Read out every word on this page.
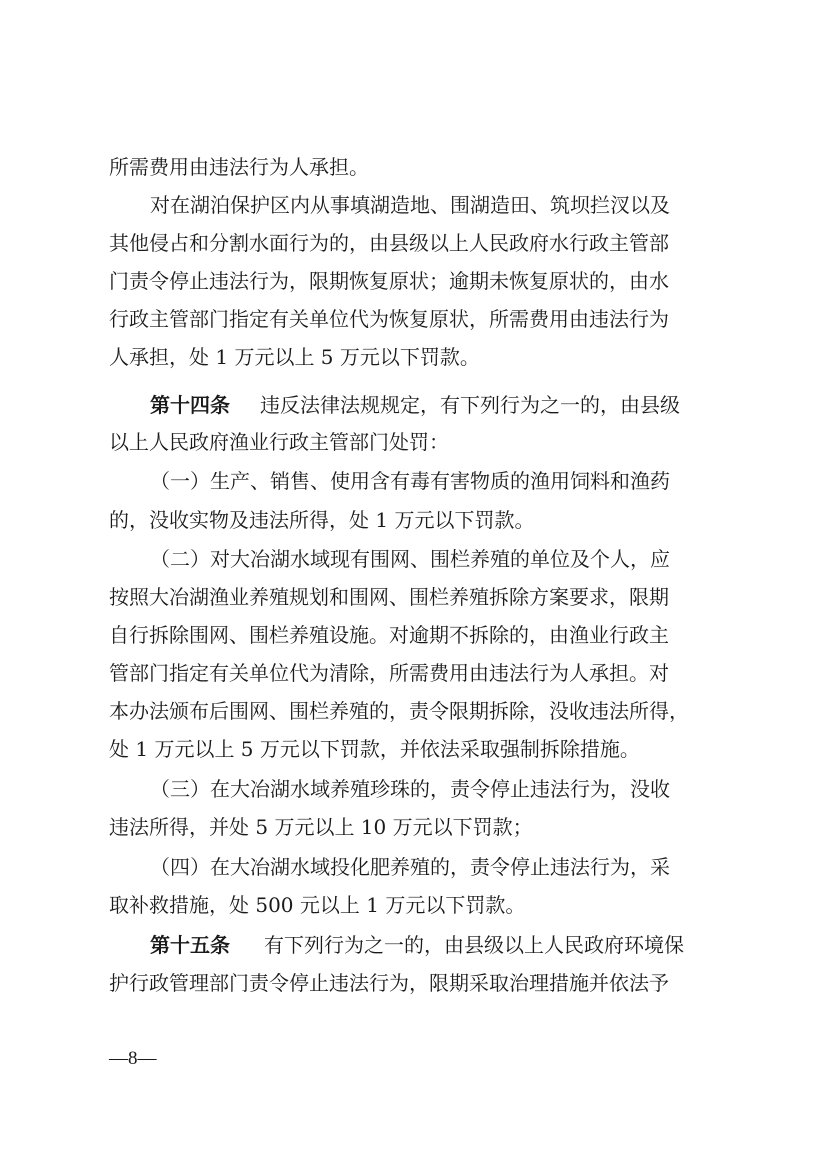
所需费用由违法行为人承担。
对在湖泊保护区内从事填湖造地、围湖造田、筑坝拦汊以及
其他侵占和分割水面行为的，由县级以上人民政府水行政主管部
门责令停止违法行为，限期恢复原状；逾期未恢复原状的，由水
行政主管部门指定有关单位代为恢复原状，所需费用由违法行为
人承担，处 1 万元以上 5 万元以下罚款。
第十四条 违反法律法规规定，有下列行为之一的，由县级
以上人民政府渔业行政主管部门处罚：
（一）生产、销售、使用含有毒有害物质的渔用饲料和渔药
的，没收实物及违法所得，处 1 万元以下罚款。
（二）对大冶湖水域现有围网、围栏养殖的单位及个人，应
按照大冶湖渔业养殖规划和围网、围栏养殖拆除方案要求，限期
自行拆除围网、围栏养殖设施。对逾期不拆除的，由渔业行政主
管部门指定有关单位代为清除，所需费用由违法行为人承担。对
本办法颁布后围网、围栏养殖的，责令限期拆除，没收违法所得，
处 1 万元以上 5 万元以下罚款，并依法采取强制拆除措施。
（三）在大冶湖水域养殖珍珠的，责令停止违法行为，没收
违法所得，并处 5 万元以上 10 万元以下罚款；
（四）在大冶湖水域投化肥养殖的，责令停止违法行为，采
取补救措施，处 500 元以上 1 万元以下罚款。
第十五条 有下列行为之一的，由县级以上人民政府环境保
护行政管理部门责令停止违法行为，限期采取治理措施并依法予
—8—
